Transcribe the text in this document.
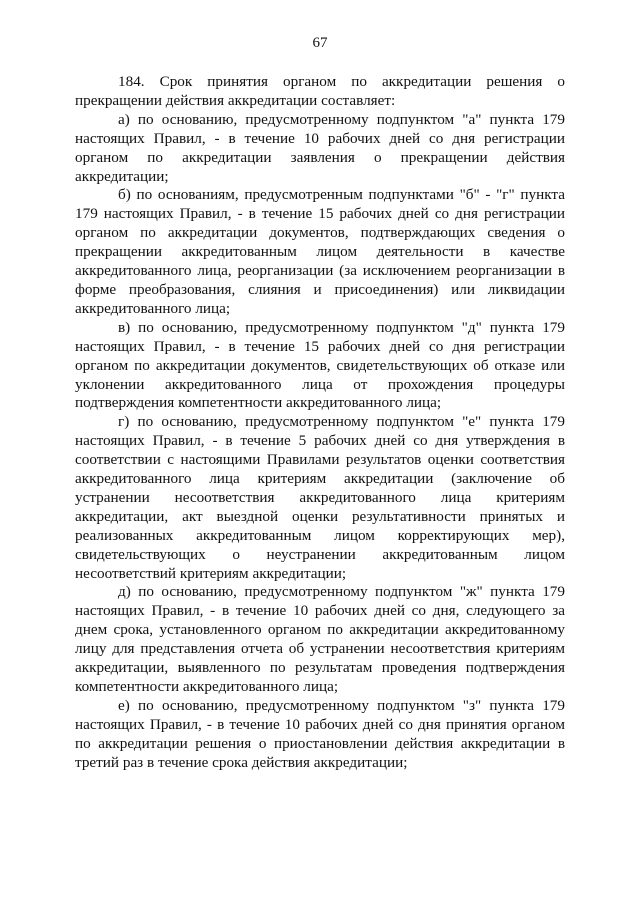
67

184. Срок принятия органом по аккредитации решения о прекращении действия аккредитации составляет:

а) по основанию, предусмотренному подпунктом "а" пункта 179 настоящих Правил, - в течение 10 рабочих дней со дня регистрации органом по аккредитации заявления о прекращении действия аккредитации;

б) по основаниям, предусмотренным подпунктами "б" - "г" пункта 179 настоящих Правил, - в течение 15 рабочих дней со дня регистрации органом по аккредитации документов, подтверждающих сведения о прекращении аккредитованным лицом деятельности в качестве аккредитованного лица, реорганизации (за исключением реорганизации в форме преобразования, слияния и присоединения) или ликвидации аккредитованного лица;

в) по основанию, предусмотренному подпунктом "д" пункта 179 настоящих Правил, - в течение 15 рабочих дней со дня регистрации органом по аккредитации документов, свидетельствующих об отказе или уклонении аккредитованного лица от прохождения процедуры подтверждения компетентности аккредитованного лица;

г) по основанию, предусмотренному подпунктом "е" пункта 179 настоящих Правил, - в течение 5 рабочих дней со дня утверждения в соответствии с настоящими Правилами результатов оценки соответствия аккредитованного лица критериям аккредитации (заключение об устранении несоответствия аккредитованного лица критериям аккредитации, акт выездной оценки результативности принятых и реализованных аккредитованным лицом корректирующих мер), свидетельствующих о неустранении аккредитованным лицом несоответствий критериям аккредитации;

д) по основанию, предусмотренному подпунктом "ж" пункта 179 настоящих Правил, - в течение 10 рабочих дней со дня, следующего за днем срока, установленного органом по аккредитации аккредитованному лицу для представления отчета об устранении несоответствия критериям аккредитации, выявленного по результатам проведения подтверждения компетентности аккредитованного лица;

е) по основанию, предусмотренному подпунктом "з" пункта 179 настоящих Правил, - в течение 10 рабочих дней со дня принятия органом по аккредитации решения о приостановлении действия аккредитации в третий раз в течение срока действия аккредитации;
